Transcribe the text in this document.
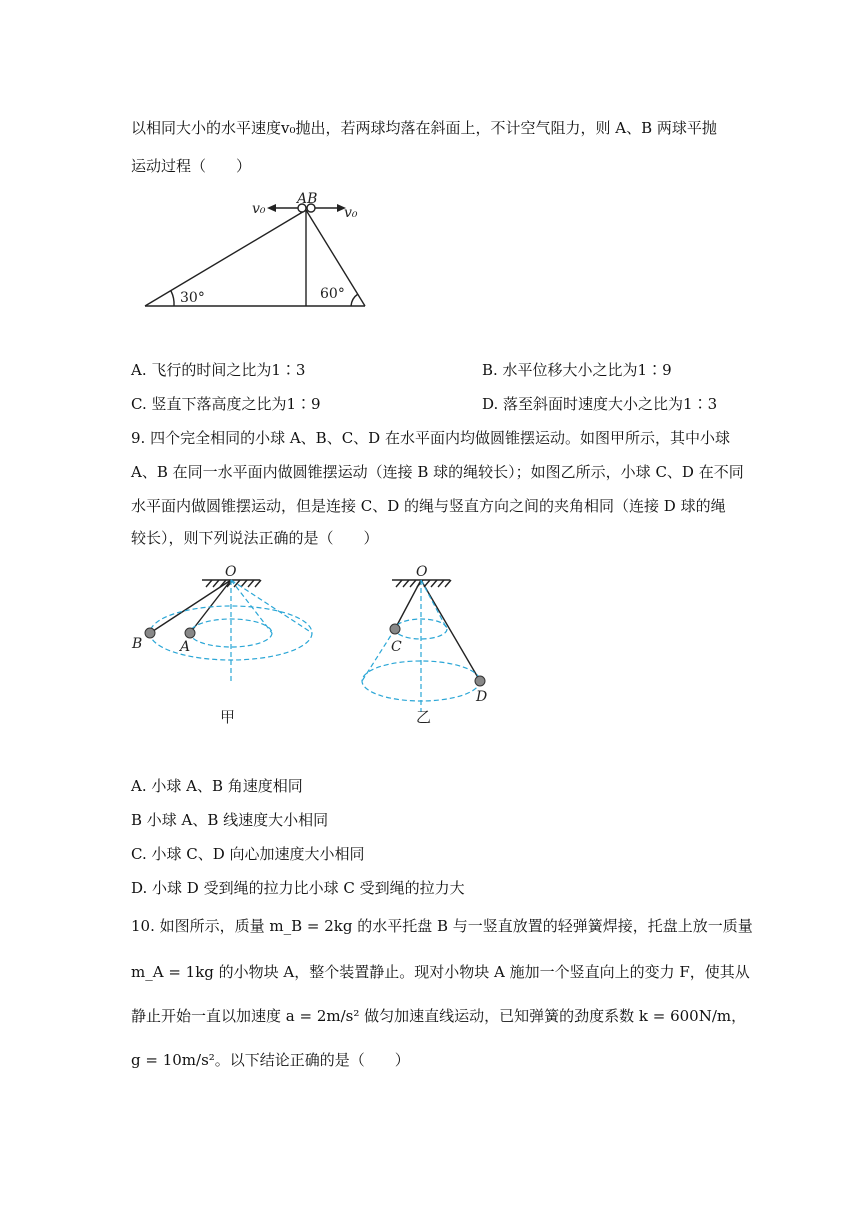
以相同大小的水平速度v₀抛出，若两球均落在斜面上，不计空气阻力，则 A、B 两球平抛
运动过程（　　）
AB
v₀	v₀
30°	60°
A. 飞行的时间之比为1∶3	B. 水平位移大小之比为1∶9
C. 竖直下落高度之比为1∶9	D. 落至斜面时速度大小之比为1∶3
9. 四个完全相同的小球 A、B、C、D 在水平面内均做圆锥摆运动。如图甲所示，其中小球
A、B 在同一水平面内做圆锥摆运动（连接 B 球的绳较长）；如图乙所示，小球 C、D 在不同
水平面内做圆锥摆运动，但是连接 C、D 的绳与竖直方向之间的夹角相同（连接 D 球的绳
较长），则下列说法正确的是（　　）
O
B	A
甲
O
C
D
乙
A. 小球 A、B 角速度相同
B 小球 A、B 线速度大小相同
C. 小球 C、D 向心加速度大小相同
D. 小球 D 受到绳的拉力比小球 C 受到绳的拉力大
10. 如图所示，质量 m_B = 2kg 的水平托盘 B 与一竖直放置的轻弹簧焊接，托盘上放一质量
m_A = 1kg 的小物块 A，整个装置静止。现对小物块 A 施加一个竖直向上的变力 F，使其从
静止开始一直以加速度 a = 2m/s² 做匀加速直线运动，已知弹簧的劲度系数 k = 600N/m，
g = 10m/s²。以下结论正确的是（　　）
